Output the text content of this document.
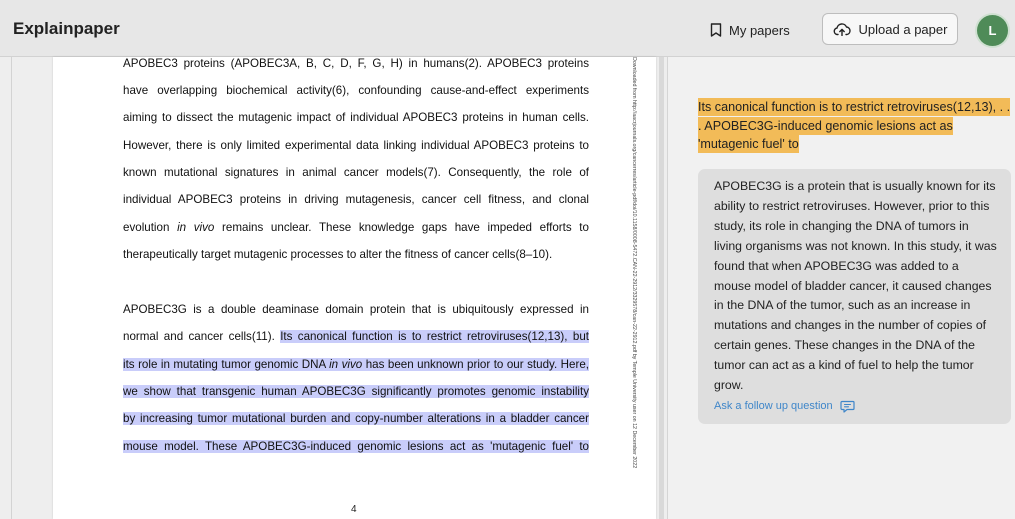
Explainpaper	My papers	Upload a paper	L
APOBEC3 proteins (APOBEC3A, B, C, D, F, G, H) in humans(2). APOBEC3 proteins
have overlapping biochemical activity(6), confounding cause-and-effect experiments
aiming to dissect the mutagenic impact of individual APOBEC3 proteins in human cells.
However, there is only limited experimental data linking individual APOBEC3 proteins to
known mutational signatures in animal cancer models(7). Consequently, the role of
individual APOBEC3 proteins in driving mutagenesis, cancer cell fitness, and clonal
evolution in vivo remains unclear. These knowledge gaps have impeded efforts to
therapeutically target mutagenic processes to alter the fitness of cancer cells(8–10).
APOBEC3G is a double deaminase domain protein that is ubiquitously expressed in
normal and cancer cells(11). Its canonical function is to restrict retroviruses(12,13), but
its role in mutating tumor genomic DNA in vivo has been unknown prior to our study. Here,
we show that transgenic human APOBEC3G significantly promotes genomic instability
by increasing tumor mutational burden and copy-number alterations in a bladder cancer
mouse model. These APOBEC3G-induced genomic lesions act as 'mutagenic fuel' to	Downloaded from http://aacrjournals.org/cancerres/article-pdf/doi/10.1158/0008-5472.CAN-22-2912/3329578/can-22-2912.pdf by Temple University user on 12 December 2022
4
Its canonical function is to restrict retroviruses(12,13), . . . APOBEC3G-induced genomic lesions act as 'mutagenic fuel' to

APOBEC3G is a protein that is usually known for its ability to restrict retroviruses. However, prior to this study, its role in changing the DNA of tumors in living organisms was not known. In this study, it was found that when APOBEC3G was added to a mouse model of bladder cancer, it caused changes in the DNA of the tumor, such as an increase in mutations and changes in the number of copies of certain genes. These changes in the DNA of the tumor can act as a kind of fuel to help the tumor grow.

Ask a follow up question
